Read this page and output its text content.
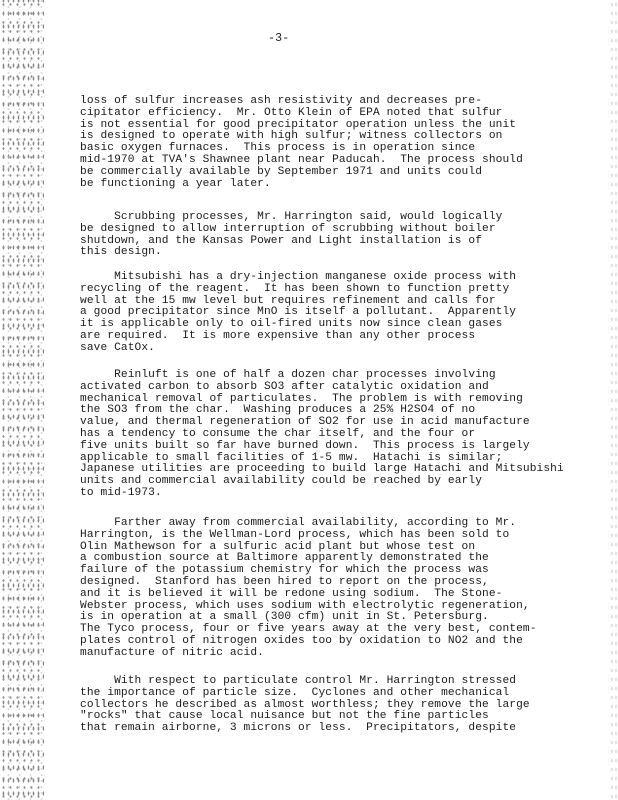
-3-
loss of sulfur increases ash resistivity and decreases pre-
cipitator efficiency.  Mr. Otto Klein of EPA noted that sulfur
is not essential for good precipitator operation unless the unit
is designed to operate with high sulfur; witness collectors on
basic oxygen furnaces.  This process is in operation since
mid-1970 at TVA's Shawnee plant near Paducah.  The process should
be commercially available by September 1971 and units could
be functioning a year later.
Scrubbing processes, Mr. Harrington said, would logically
be designed to allow interruption of scrubbing without boiler
shutdown, and the Kansas Power and Light installation is of
this design.
Mitsubishi has a dry-injection manganese oxide process with
recycling of the reagent.  It has been shown to function pretty
well at the 15 mw level but requires refinement and calls for
a good precipitator since MnO is itself a pollutant.  Apparently
it is applicable only to oil-fired units now since clean gases
are required.  It is more expensive than any other process
save CatOx.
Reinluft is one of half a dozen char processes involving
activated carbon to absorb SO3 after catalytic oxidation and
mechanical removal of particulates.  The problem is with removing
the SO3 from the char.  Washing produces a 25% H2SO4 of no
value, and thermal regeneration of SO2 for use in acid manufacture
has a tendency to consume the char itself, and the four or
five units built so far have burned down.  This process is largely
applicable to small facilities of 1-5 mw.  Hatachi is similar;
Japanese utilities are proceeding to build large Hatachi and Mitsubishi
units and commercial availability could be reached by early
to mid-1973.
Farther away from commercial availability, according to Mr.
Harrington, is the Wellman-Lord process, which has been sold to
Olin Mathewson for a sulfuric acid plant but whose test on
a combustion source at Baltimore apparently demonstrated the
failure of the potassium chemistry for which the process was
designed.  Stanford has been hired to report on the process,
and it is believed it will be redone using sodium.  The Stone-
Webster process, which uses sodium with electrolytic regeneration,
is in operation at a small (300 cfm) unit in St. Petersburg.
The Tyco process, four or five years away at the very best, contem-
plates control of nitrogen oxides too by oxidation to NO2 and the
manufacture of nitric acid.
With respect to particulate control Mr. Harrington stressed
the importance of particle size.  Cyclones and other mechanical
collectors he described as almost worthless; they remove the large
"rocks" that cause local nuisance but not the fine particles
that remain airborne, 3 microns or less.  Precipitators, despite
